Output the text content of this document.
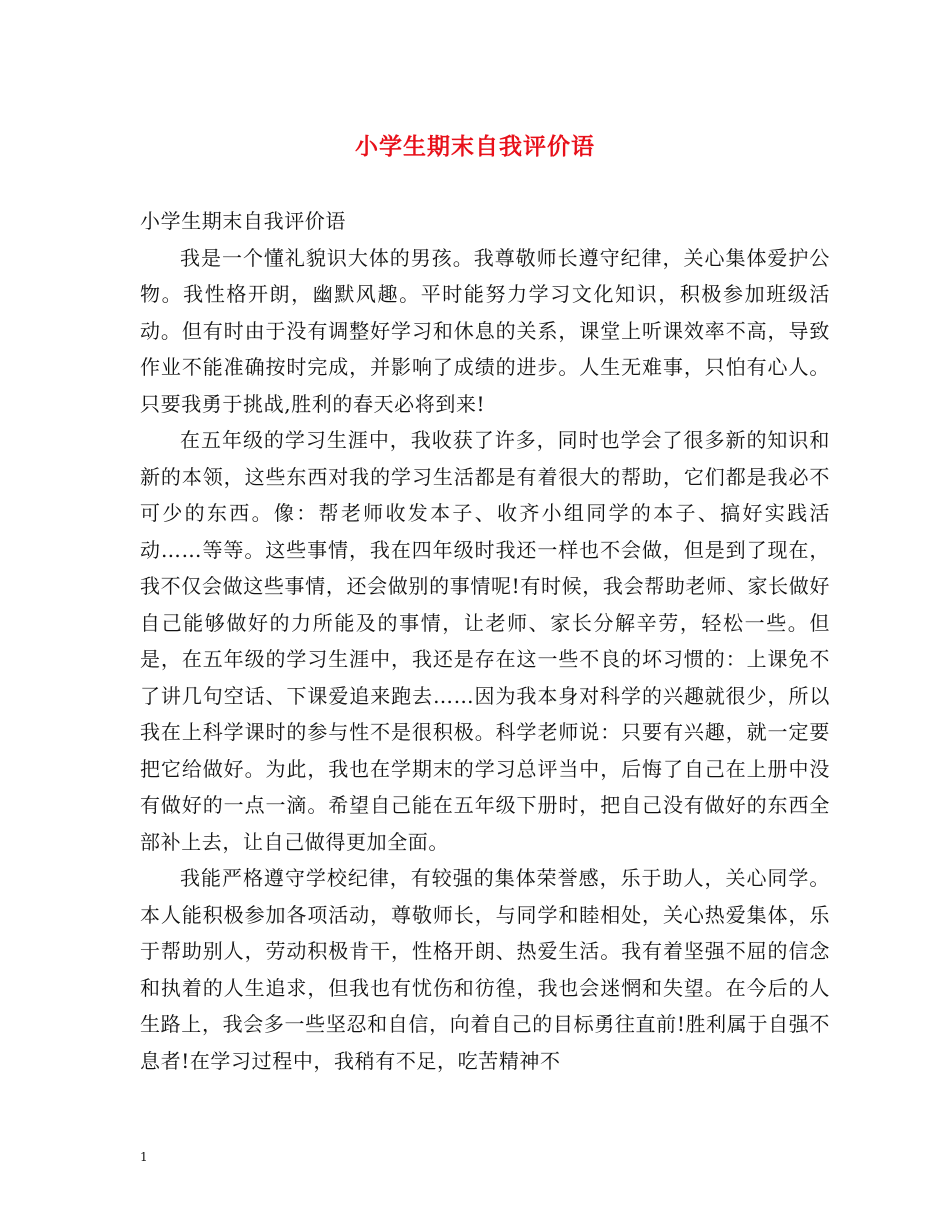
小学生期末自我评价语

小学生期末自我评价语

我是一个懂礼貌识大体的男孩。我尊敬师长遵守纪律，关心集体爱护公物。我性格开朗，幽默风趣。平时能努力学习文化知识，积极参加班级活动。但有时由于没有调整好学习和休息的关系，课堂上听课效率不高，导致作业不能准确按时完成，并影响了成绩的进步。人生无难事，只怕有心人。只要我勇于挑战,胜利的春天必将到来!

在五年级的学习生涯中，我收获了许多，同时也学会了很多新的知识和新的本领，这些东西对我的学习生活都是有着很大的帮助，它们都是我必不可少的东西。像：帮老师收发本子、收齐小组同学的本子、搞好实践活动……等等。这些事情，我在四年级时我还一样也不会做，但是到了现在，我不仅会做这些事情，还会做别的事情呢!有时候，我会帮助老师、家长做好自己能够做好的力所能及的事情，让老师、家长分解辛劳，轻松一些。但是，在五年级的学习生涯中，我还是存在这一些不良的坏习惯的：上课免不了讲几句空话、下课爱追来跑去……因为我本身对科学的兴趣就很少，所以我在上科学课时的参与性不是很积极。科学老师说：只要有兴趣，就一定要把它给做好。为此，我也在学期末的学习总评当中，后悔了自己在上册中没有做好的一点一滴。希望自己能在五年级下册时，把自己没有做好的东西全部补上去，让自己做得更加全面。

我能严格遵守学校纪律，有较强的集体荣誉感，乐于助人，关心同学。本人能积极参加各项活动，尊敬师长，与同学和睦相处，关心热爱集体，乐于帮助别人，劳动积极肯干，性格开朗、热爱生活。我有着坚强不屈的信念和执着的人生追求，但我也有忧伤和彷徨，我也会迷惘和失望。在今后的人生路上，我会多一些坚忍和自信，向着自己的目标勇往直前!胜利属于自强不息者!在学习过程中，我稍有不足，吃苦精神不

1
